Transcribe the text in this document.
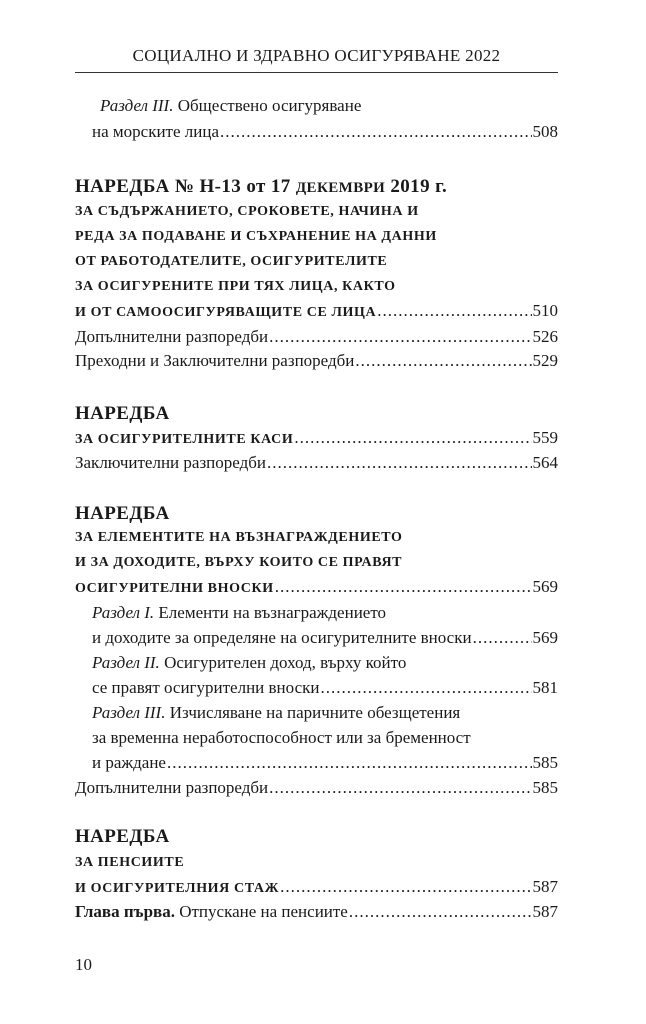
СОЦИАЛНО И ЗДРАВНО ОСИГУРЯВАНЕ 2022
Раздел III. Обществено осигуряване
на морските лица .....	508
НАРЕДБА № Н-13 от 17 ДЕКЕМВРИ 2019 г.
ЗА СЪДЪРЖАНИЕТО, СРОКОВЕТЕ, НАЧИНА И
РЕДА ЗА ПОДАВАНЕ И СЪХРАНЕНИЕ НА ДАННИ
ОТ РАБОТОДАТЕЛИТЕ, ОСИГУРИТЕЛИТЕ
ЗА ОСИГУРЕНИТЕ ПРИ ТЯХ ЛИЦА, КАКТО
И ОТ САМООСИГУРЯВАЩИТЕ СЕ ЛИЦА .....	510
Допълнителни разпоредби .....	526
Преходни и Заключителни разпоредби .....	529
НАРЕДБА
ЗА ОСИГУРИТЕЛНИТЕ КАСИ .....	559
Заключителни разпоредби .....	564
НАРЕДБА
ЗА ЕЛЕМЕНТИТЕ НА ВЪЗНАГРАЖДЕНИЕТО
И ЗА ДОХОДИТЕ, ВЪРХУ КОИТО СЕ ПРАВЯТ
ОСИГУРИТЕЛНИ ВНОСКИ .....	569
Раздел I. Елементи на възнаграждението
и доходите за определяне на осигурителните вноски .....	569
Раздел II. Осигурителен доход, върху който
се правят осигурителни вноски .....	581
Раздел III. Изчисляване на паричните обезщетения
за временна неработоспособност или за бременност
и раждане .....	585
Допълнителни разпоредби .....	585
НАРЕДБА
ЗА ПЕНСИИТЕ
И ОСИГУРИТЕЛНИЯ СТАЖ .....	587
Глава първа. Отпускане на пенсиите .....	587
10
